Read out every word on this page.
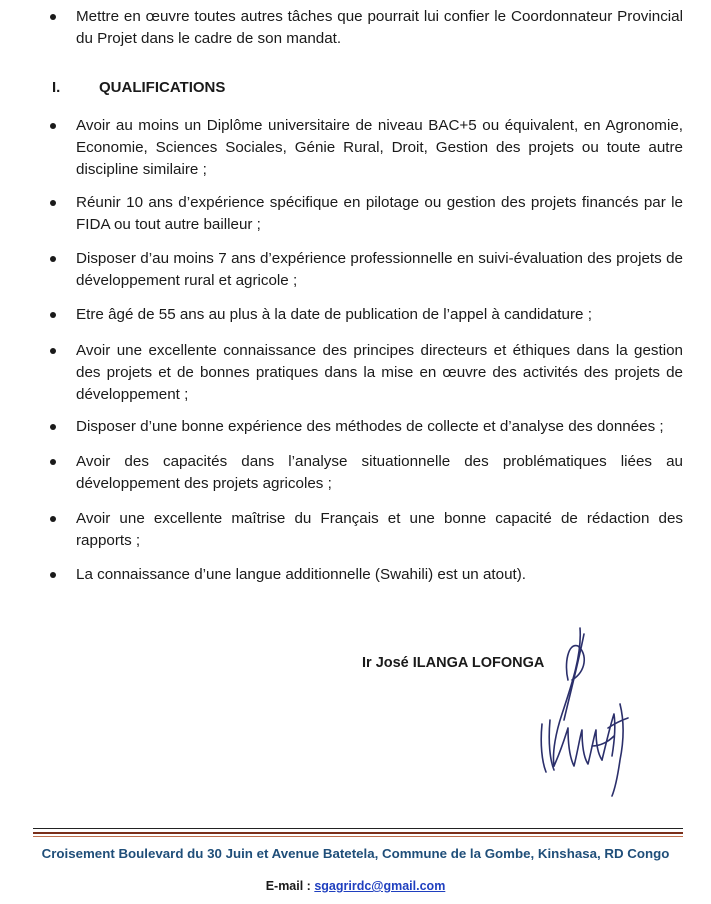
Mettre en œuvre toutes autres tâches que pourrait lui confier le Coordonnateur Provincial du Projet dans le cadre de son mandat.
I.	QUALIFICATIONS
Avoir au moins un Diplôme universitaire de niveau BAC+5 ou équivalent, en Agronomie, Economie, Sciences Sociales, Génie Rural, Droit, Gestion des projets ou toute autre discipline similaire ;
Réunir 10 ans d’expérience spécifique en pilotage ou gestion des projets financés par le FIDA ou tout autre bailleur ;
Disposer d’au moins 7 ans d’expérience professionnelle en suivi-évaluation des projets de développement rural et agricole ;
Etre âgé de 55 ans au plus à la date de publication de l’appel à candidature ;
Avoir une excellente connaissance des principes directeurs et éthiques dans la gestion des projets et de bonnes pratiques dans la mise en œuvre des activités des projets de développement ;
Disposer d’une bonne expérience des méthodes de collecte et d’analyse des données ;
Avoir des capacités dans l’analyse situationnelle des problématiques liées au développement des projets agricoles ;
Avoir une excellente maîtrise du Français et une bonne capacité de rédaction des rapports ;
La connaissance d’une langue additionnelle (Swahili) est un atout).
Ir José ILANGA LOFONGA
Croisement Boulevard du 30 Juin et Avenue Batetela, Commune de la Gombe, Kinshasa, RD Congo
E-mail : sgagrirdc@gmail.com
